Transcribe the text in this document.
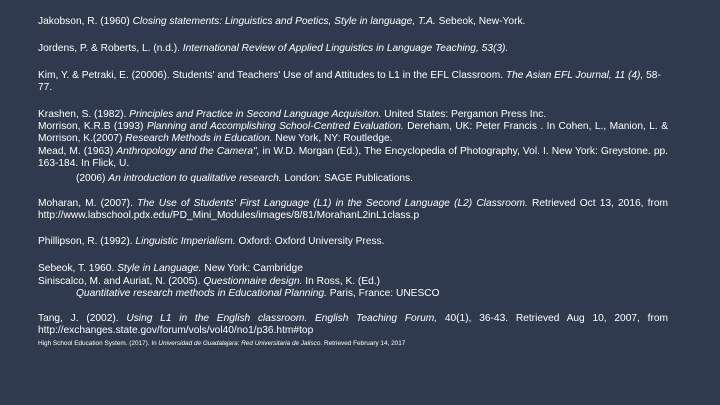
Jakobson, R. (1960) Closing statements: Linguistics and Poetics, Style in language, T.A. Sebeok, New-York.
Jordens, P. & Roberts, L. (n.d.). International Review of Applied Linguistics in Language Teaching, 53(3).
Kim, Y. & Petraki, E. (20006). Students' and Teachers' Use of and Attitudes to L1 in the EFL Classroom. The Asian EFL Journal, 11 (4), 58-77.
Krashen, S. (1982). Principles and Practice in Second Language Acquisiton. United States: Pergamon Press Inc.
Morrison, K.R.B (1993) Planning and Accomplishing School-Centred Evaluation. Dereham, UK: Peter Francis . In Cohen, L., Manion, L. & Morrison, K.(2007) Research Methods in Education. New York, NY: Routledge.
Mead, M. (1963) Anthropology and the Camera", in W.D. Morgan (Ed.), The Encyclopedia of Photography, Vol. I. New York: Greystone. pp. 163-184. In Flick, U.
(2006) An introduction to qualitative research. London: SAGE Publications.
Moharan, M. (2007). The Use of Students' First Language (L1) in the Second Language (L2) Classroom. Retrieved Oct 13, 2016, from http://www.labschool.pdx.edu/PD_Mini_Modules/images/8/81/MorahanL2inL1class.p
Phillipson, R. (1992). Linguistic Imperialism. Oxford: Oxford University Press.
Sebeok, T. 1960. Style in Language. New York: Cambridge
Siniscalco, M. and Auriat, N. (2005). Questionnaire design. In Ross, K. (Ed.)
Quantitative research methods in Educational Planning. Paris, France: UNESCO
Tang, J. (2002). Using L1 in the English classroom. English Teaching Forum, 40(1), 36-43. Retrieved Aug 10, 2007, from http://exchanges.state.gov/forum/vols/vol40/no1/p36.htm#top
High School Education System. (2017). In Universidad de Guadalajara: Red Universitaria de Jalisco. Retrieved February 14, 2017
